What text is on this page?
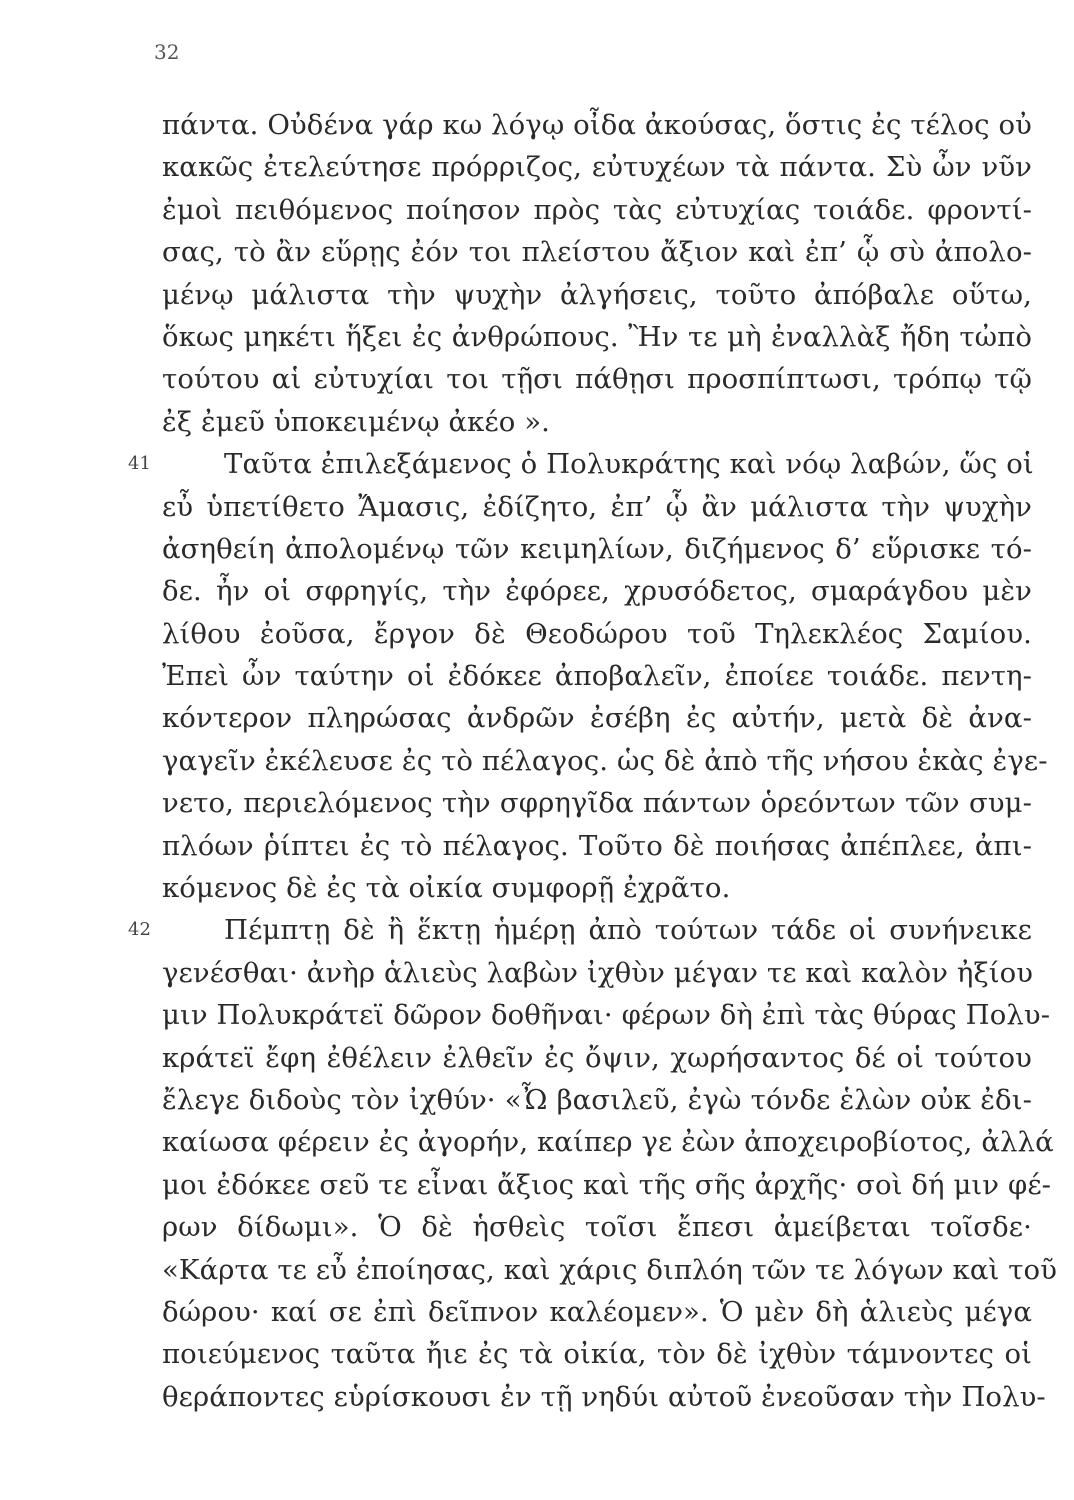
32
πάντα. Οὐδένα γάρ κω λόγῳ οἶδα ἀκούσας, ὅστις ἐς τέλος οὐ
κακῶς ἐτελεύτησε πρόρριζος, εὐτυχέων τὰ πάντα. Σὺ ὦν νῦν
ἐμοὶ πειθόμενος ποίησον πρὸς τὰς εὐτυχίας τοιάδε. φροντί-
σας, τὸ ἂν εὕρῃς ἐόν τοι πλείστου ἄξιον καὶ ἐπ’ ᾧ σὺ ἀπολο-
μένῳ μάλιστα τὴν ψυχὴν ἀλγήσεις, τοῦτο ἀπόβαλε οὕτω,
ὅκως μηκέτι ἥξει ἐς ἀνθρώπους. Ἢν τε μὴ ἐναλλὰξ ἤδη τὠπὸ
τούτου αἱ εὐτυχίαι τοι τῇσι πάθῃσι προσπίπτωσι, τρόπῳ τῷ
ἐξ ἐμεῦ ὑποκειμένῳ ἀκέο ».
41	Ταῦτα ἐπιλεξάμενος ὁ Πολυκράτης καὶ νόῳ λαβών, ὥς οἱ
εὖ ὑπετίθετο Ἄμασις, ἐδίζητο, ἐπ’ ᾧ ἂν μάλιστα τὴν ψυχὴν
ἀσηθείη ἀπολομένῳ τῶν κειμηλίων, διζήμενος δ’ εὕρισκε τό-
δε. ἦν οἱ σφρηγίς, τὴν ἐφόρεε, χρυσόδετος, σμαράγδου μὲν
λίθου ἐοῦσα, ἔργον δὲ Θεοδώρου τοῦ Τηλεκλέος Σαμίου.
Ἐπεὶ ὦν ταύτην οἱ ἐδόκεε ἀποβαλεῖν, ἐποίεε τοιάδε. πεντη-
κόντερον πληρώσας ἀνδρῶν ἐσέβη ἐς αὐτήν, μετὰ δὲ ἀνα-
γαγεῖν ἐκέλευσε ἐς τὸ πέλαγος. ὡς δὲ ἀπὸ τῆς νήσου ἑκὰς ἐγε-
νετο, περιελόμενος τὴν σφρηγῖδα πάντων ὁρεόντων τῶν συμ-
πλόων ῥίπτει ἐς τὸ πέλαγος. Τοῦτο δὲ ποιήσας ἀπέπλεε, ἀπι-
κόμενος δὲ ἐς τὰ οἰκία συμφορῇ ἐχρᾶτο.
42	Πέμπτῃ δὲ ἢ ἕκτῃ ἡμέρῃ ἀπὸ τούτων τάδε οἱ συνήνεικε
γενέσθαι· ἀνὴρ ἁλιεὺς λαβὼν ἰχθὺν μέγαν τε καὶ καλὸν ἠξίου
μιν Πολυκράτεϊ δῶρον δοθῆναι· φέρων δὴ ἐπὶ τὰς θύρας Πολυ-
κράτεϊ ἔφη ἐθέλειν ἐλθεῖν ἐς ὄψιν, χωρήσαντος δέ οἱ τούτου
ἔλεγε διδοὺς τὸν ἰχθύν· «Ὦ βασιλεῦ, ἐγὼ τόνδε ἑλὼν οὐκ ἐδι-
καίωσα φέρειν ἐς ἀγορήν, καίπερ γε ἐὼν ἀποχειροβίοτος, ἀλλά
μοι ἐδόκεε σεῦ τε εἶναι ἄξιος καὶ τῆς σῆς ἀρχῆς· σοὶ δή μιν φέ-
ρων δίδωμι». Ὁ δὲ ἡσθεὶς τοῖσι ἔπεσι ἀμείβεται τοῖσδε·
«Κάρτα τε εὖ ἐποίησας, καὶ χάρις διπλόη τῶν τε λόγων καὶ τοῦ
δώρου· καί σε ἐπὶ δεῖπνον καλέομεν». Ὁ μὲν δὴ ἁλιεὺς μέγα
ποιεύμενος ταῦτα ἤιε ἐς τὰ οἰκία, τὸν δὲ ἰχθὺν τάμνοντες οἱ
θεράποντες εὑρίσκουσι ἐν τῇ νηδύι αὐτοῦ ἐνεοῦσαν τὴν Πολυ-
